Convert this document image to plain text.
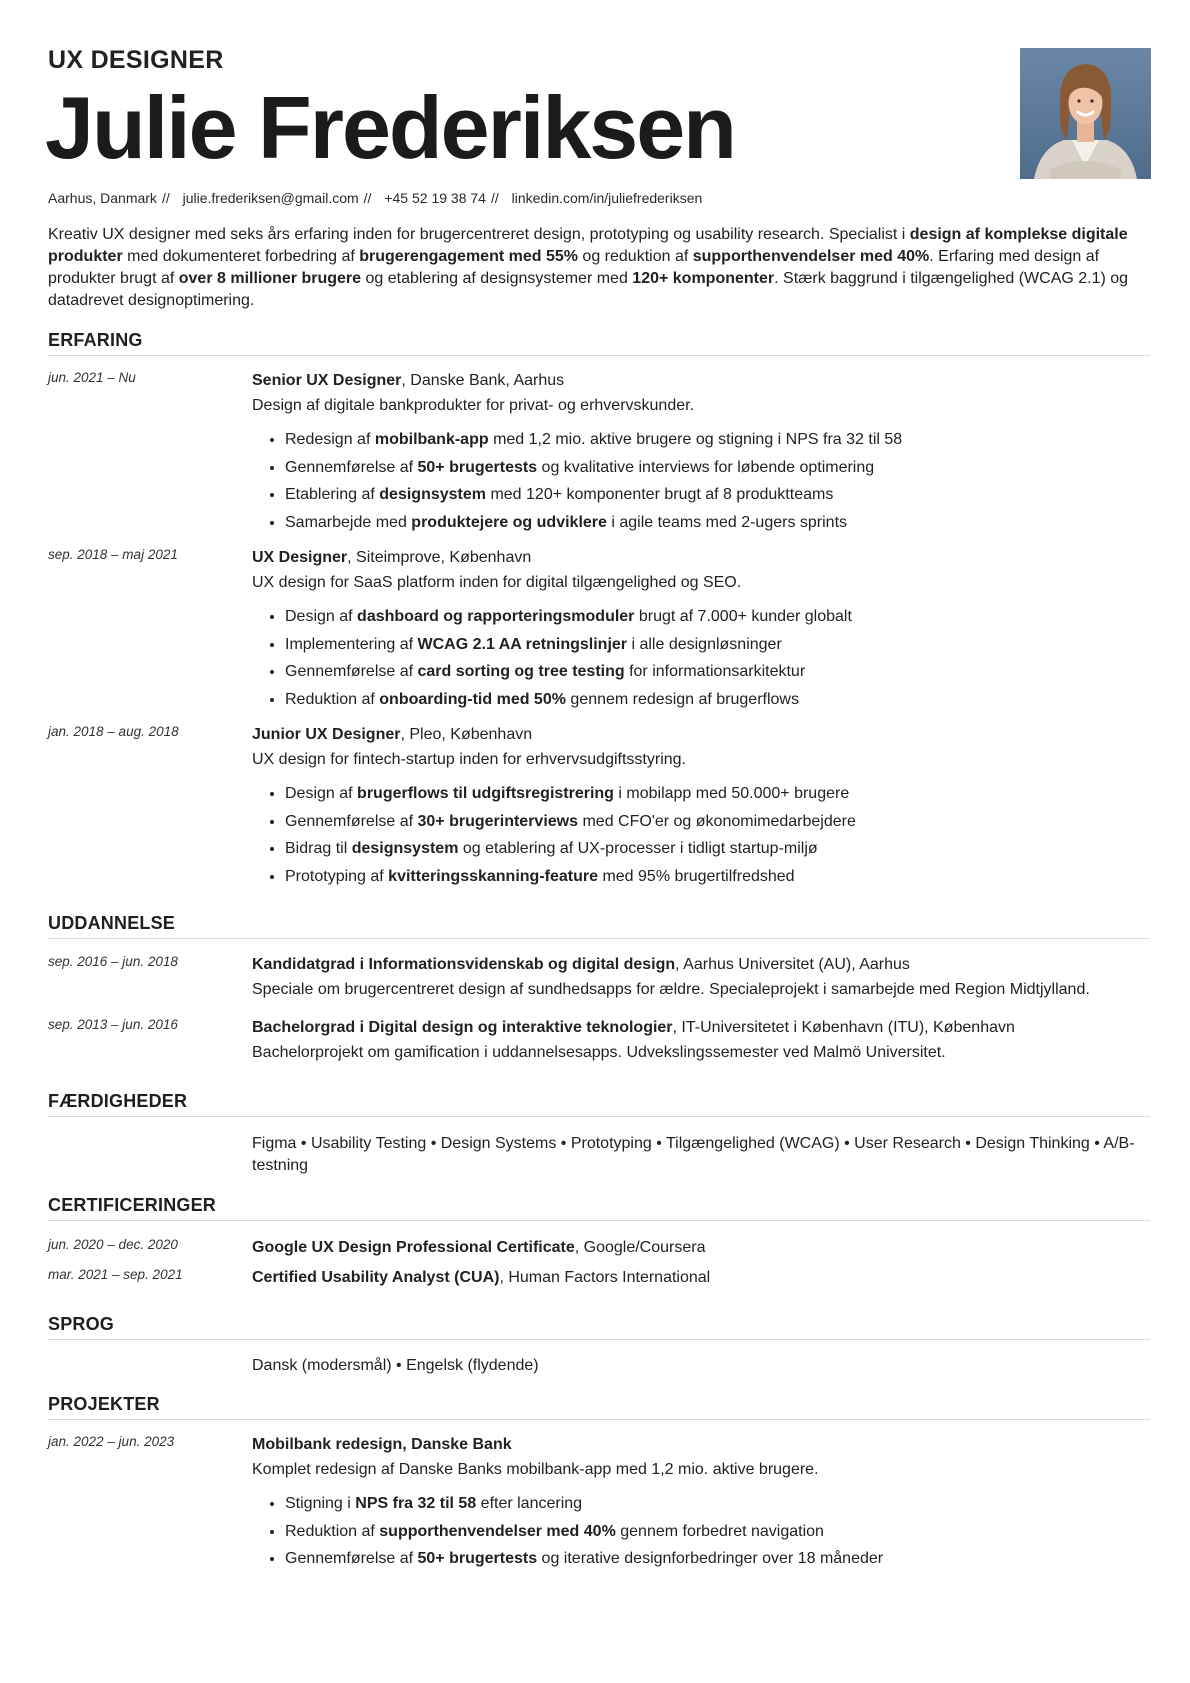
UX DESIGNER
Julie Frederiksen
Aarhus, Danmark // julie.frederiksen@gmail.com // +45 52 19 38 74 // linkedin.com/in/juliefrederiksen
Kreativ UX designer med seks års erfaring inden for brugercentreret design, prototyping og usability research. Specialist i design af komplekse digitale produkter med dokumenteret forbedring af brugerengagement med 55% og reduktion af supporthenvendelser med 40%. Erfaring med design af produkter brugt af over 8 millioner brugere og etablering af designsystemer med 120+ komponenter. Stærk baggrund i tilgængelighed (WCAG 2.1) og datadrevet designoptimering.
ERFARING
jun. 2021 – Nu	Senior UX Designer, Danske Bank, Aarhus
Design af digitale bankprodukter for privat- og erhvervskunder.
• Redesign af mobilbank-app med 1,2 mio. aktive brugere og stigning i NPS fra 32 til 58
• Gennemførelse af 50+ brugertests og kvalitative interviews for løbende optimering
• Etablering af designsystem med 120+ komponenter brugt af 8 produktteams
• Samarbejde med produktejere og udviklere i agile teams med 2-ugers sprints
sep. 2018 – maj 2021	UX Designer, Siteimprove, København
UX design for SaaS platform inden for digital tilgængelighed og SEO.
• Design af dashboard og rapporteringsmoduler brugt af 7.000+ kunder globalt
• Implementering af WCAG 2.1 AA retningslinjer i alle designløsninger
• Gennemførelse af card sorting og tree testing for informationsarkitektur
• Reduktion af onboarding-tid med 50% gennem redesign af brugerflows
jan. 2018 – aug. 2018	Junior UX Designer, Pleo, København
UX design for fintech-startup inden for erhvervsudgiftsstyring.
• Design af brugerflows til udgiftsregistrering i mobilapp med 50.000+ brugere
• Gennemførelse af 30+ brugerinterviews med CFO'er og økonomimedarbejdere
• Bidrag til designsystem og etablering af UX-processer i tidligt startup-miljø
• Prototyping af kvitteringsskanning-feature med 95% brugertilfredshed
UDDANNELSE
sep. 2016 – jun. 2018	Kandidatgrad i Informationsvidenskab og digital design, Aarhus Universitet (AU), Aarhus
Speciale om brugercentreret design af sundhedsapps for ældre. Specialeprojekt i samarbejde med Region Midtjylland.
sep. 2013 – jun. 2016	Bachelorgrad i Digital design og interaktive teknologier, IT-Universitetet i København (ITU), København
Bachelorprojekt om gamification i uddannelsesapps. Udvekslingssemester ved Malmö Universitet.
FÆRDIGHEDER
Figma • Usability Testing • Design Systems • Prototyping • Tilgængelighed (WCAG) • User Research • Design Thinking • A/B-testning
CERTIFICERINGER
jun. 2020 – dec. 2020	Google UX Design Professional Certificate, Google/Coursera
mar. 2021 – sep. 2021	Certified Usability Analyst (CUA), Human Factors International
SPROG
Dansk (modersmål) • Engelsk (flydende)
PROJEKTER
jan. 2022 – jun. 2023	Mobilbank redesign, Danske Bank
Komplet redesign af Danske Banks mobilbank-app med 1,2 mio. aktive brugere.
• Stigning i NPS fra 32 til 58 efter lancering
• Reduktion af supporthenvendelser med 40% gennem forbedret navigation
• Gennemførelse af 50+ brugertests og iterative designforbedringer over 18 måneder
